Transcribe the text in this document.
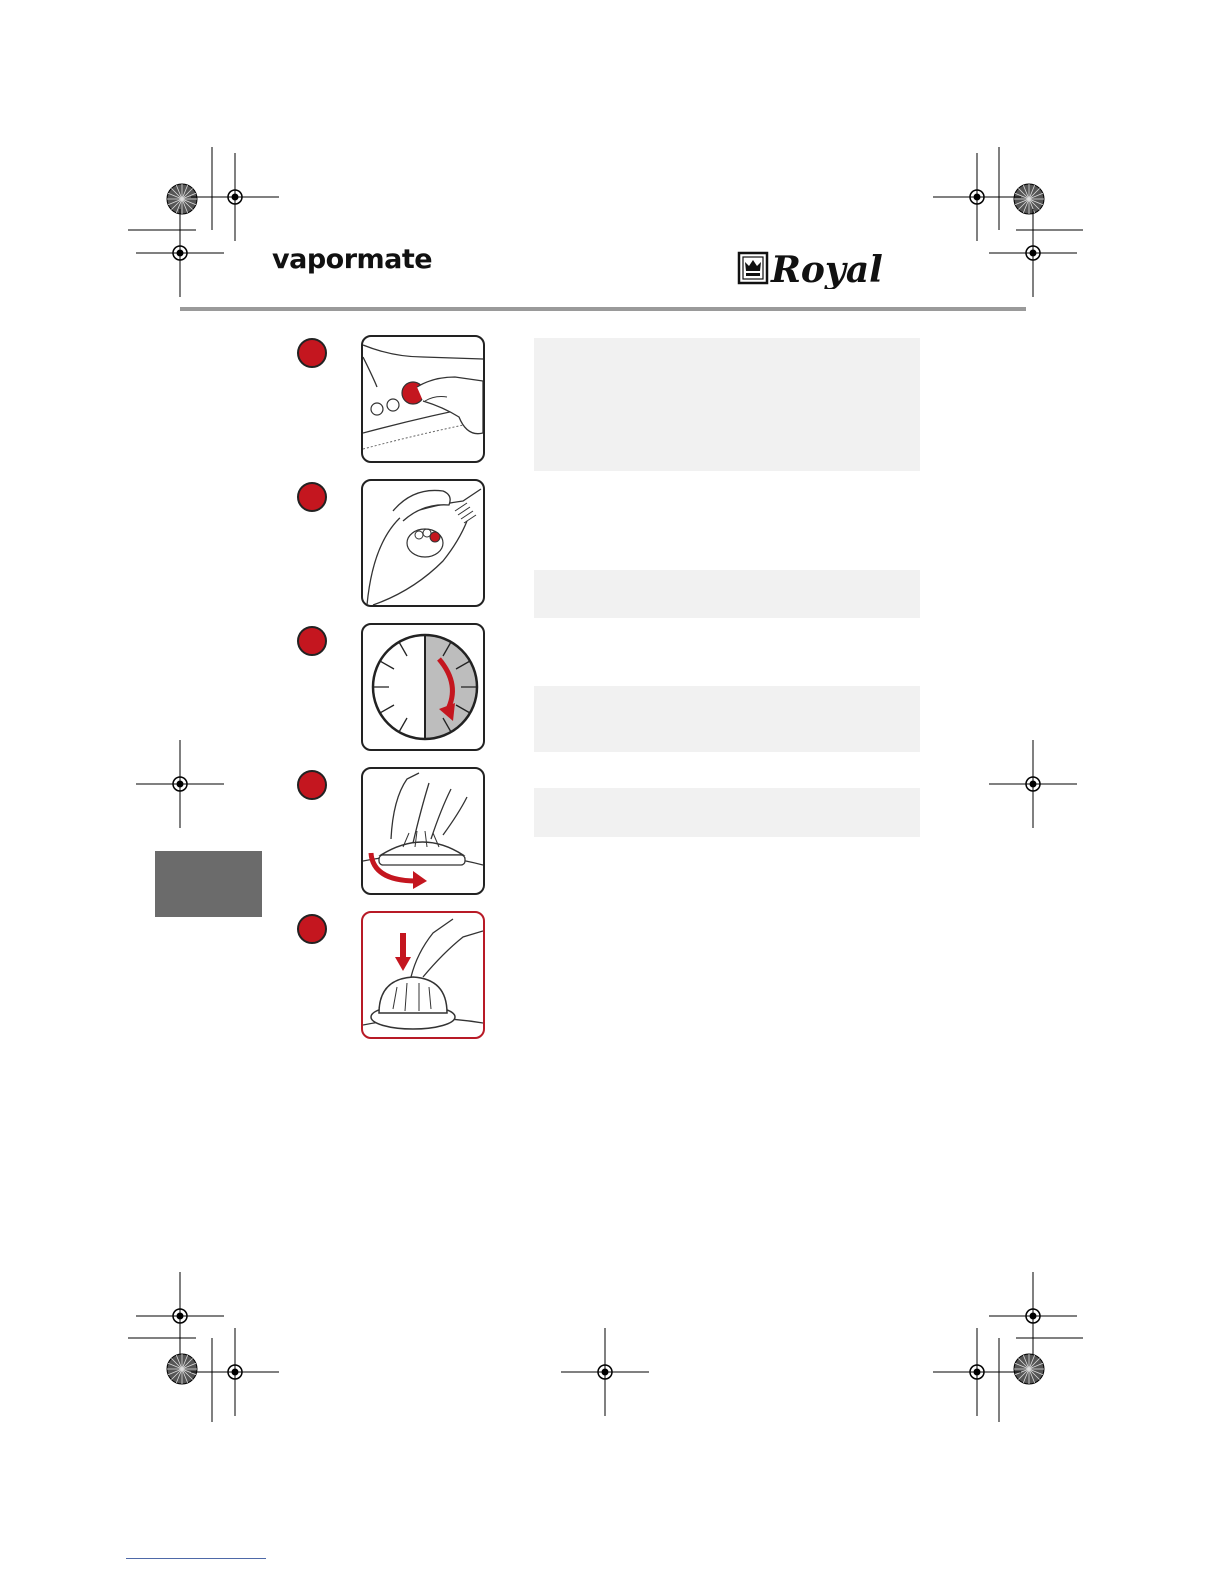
vapormate	Royal
